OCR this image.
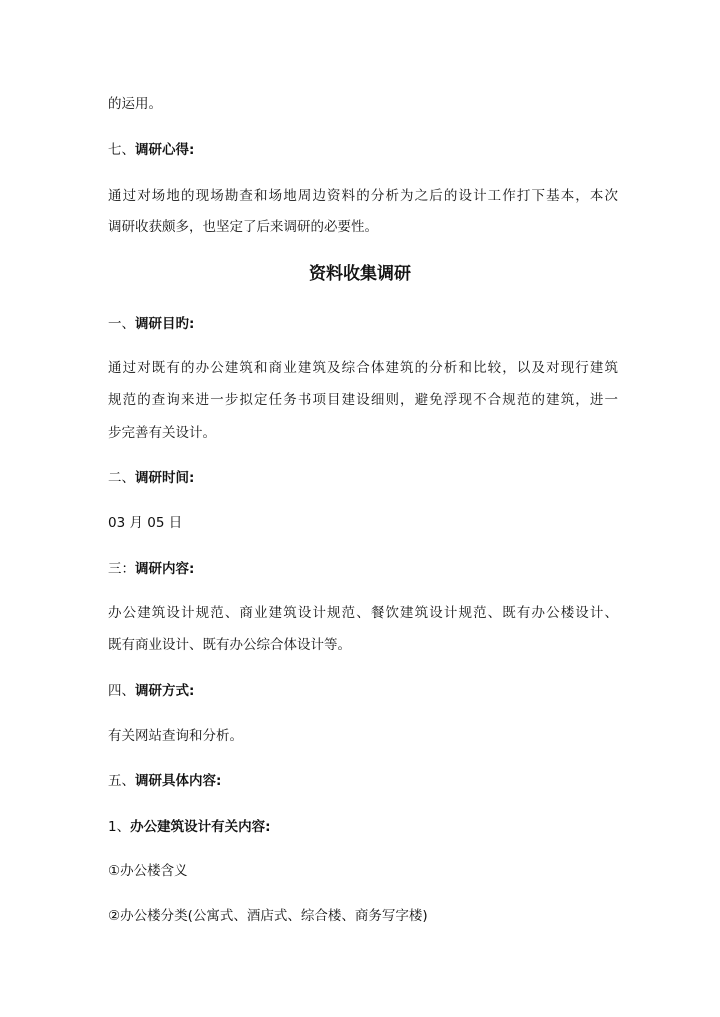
的运用。
七、调研心得:
通过对场地的现场勘查和场地周边资料的分析为之后的设计工作打下基本，本次
调研收获颇多，也坚定了后来调研的必要性。
资料收集调研
一、调研目旳:
通过对既有的办公建筑和商业建筑及综合体建筑的分析和比较，以及对现行建筑
规范的查询来进一步拟定任务书项目建设细则，避免浮现不合规范的建筑，进一
步完善有关设计。
二、调研时间:
03 月 05 日
三：调研内容:
办公建筑设计规范、商业建筑设计规范、餐饮建筑设计规范、既有办公楼设计、
既有商业设计、既有办公综合体设计等。
四、调研方式:
有关网站查询和分析。
五、调研具体内容:
1、办公建筑设计有关内容:
①办公楼含义
②办公楼分类(公寓式、酒店式、综合楼、商务写字楼)
